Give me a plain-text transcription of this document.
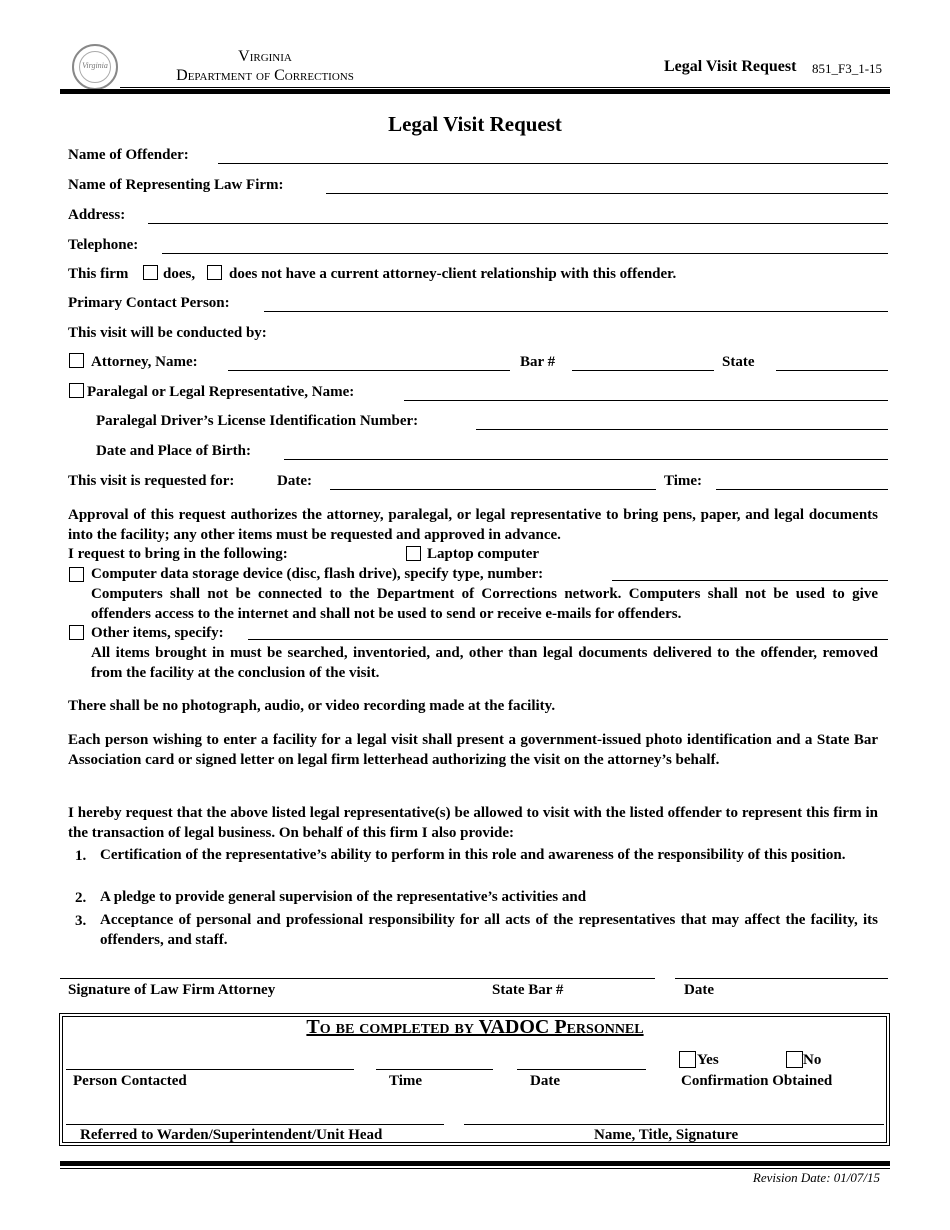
Virginia
Virginia
Department of Corrections
Legal Visit Request 851_F3_1-15
Legal Visit Request
Name of Offender:
Name of Representing Law Firm:
Address:
Telephone:
This firm does, does not have a current attorney-client relationship with this offender.
Primary Contact Person:
This visit will be conducted by:
Attorney, Name:	Bar #	State
Paralegal or Legal Representative, Name:
Paralegal Driver’s License Identification Number:
Date and Place of Birth:
This visit is requested for:	Date:	Time:
Approval of this request authorizes the attorney, paralegal, or legal representative to bring pens, paper, and legal documents into the facility; any other items must be requested and approved in advance.
I request to bring in the following:	Laptop computer
Computer data storage device (disc, flash drive), specify type, number:
Computers shall not be connected to the Department of Corrections network. Computers shall not be used to give offenders access to the internet and shall not be used to send or receive e-mails for offenders.
Other items, specify:
All items brought in must be searched, inventoried, and, other than legal documents delivered to the offender, removed from the facility at the conclusion of the visit.
There shall be no photograph, audio, or video recording made at the facility.
Each person wishing to enter a facility for a legal visit shall present a government-issued photo identification and a State Bar Association card or signed letter on legal firm letterhead authorizing the visit on the attorney’s behalf.
I hereby request that the above listed legal representative(s) be allowed to visit with the listed offender to represent this firm in the transaction of legal business. On behalf of this firm I also provide:
1. Certification of the representative’s ability to perform in this role and awareness of the responsibility of this position.
2. A pledge to provide general supervision of the representative’s activities and
3. Acceptance of personal and professional responsibility for all acts of the representatives that may affect the facility, its offenders, and staff.
Signature of Law Firm Attorney	State Bar #	Date
To be completed by VADOC Personnel
Yes	No
Person Contacted	Time	Date	Confirmation Obtained
Referred to Warden/Superintendent/Unit Head	Name, Title, Signature
Revision Date: 01/07/15
